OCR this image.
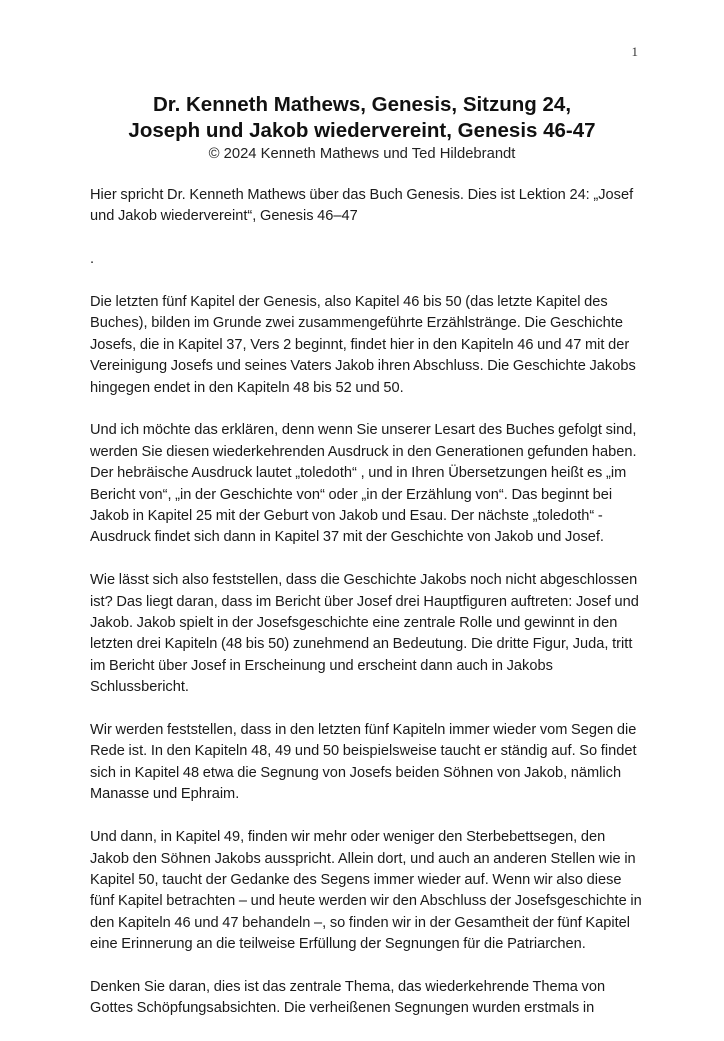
1
Dr. Kenneth Mathews, Genesis, Sitzung 24,
Joseph und Jakob wiedervereint, Genesis 46-47
© 2024 Kenneth Mathews und Ted Hildebrandt

Hier spricht Dr. Kenneth Mathews über das Buch Genesis. Dies ist Lektion 24: „Josef und Jakob wiedervereint“, Genesis 46–47

.

Die letzten fünf Kapitel der Genesis, also Kapitel 46 bis 50 (das letzte Kapitel des Buches), bilden im Grunde zwei zusammengeführte Erzählstränge. Die Geschichte Josefs, die in Kapitel 37, Vers 2 beginnt, findet hier in den Kapiteln 46 und 47 mit der Vereinigung Josefs und seines Vaters Jakob ihren Abschluss. Die Geschichte Jakobs hingegen endet in den Kapiteln 48 bis 52 und 50.

Und ich möchte das erklären, denn wenn Sie unserer Lesart des Buches gefolgt sind, werden Sie diesen wiederkehrenden Ausdruck in den Generationen gefunden haben. Der hebräische Ausdruck lautet „toledoth“ , und in Ihren Übersetzungen heißt es „im Bericht von“, „in der Geschichte von“ oder „in der Erzählung von“. Das beginnt bei Jakob in Kapitel 25 mit der Geburt von Jakob und Esau. Der nächste „toledoth“ - Ausdruck findet sich dann in Kapitel 37 mit der Geschichte von Jakob und Josef.

Wie lässt sich also feststellen, dass die Geschichte Jakobs noch nicht abgeschlossen ist? Das liegt daran, dass im Bericht über Josef drei Hauptfiguren auftreten: Josef und Jakob. Jakob spielt in der Josefsgeschichte eine zentrale Rolle und gewinnt in den letzten drei Kapiteln (48 bis 50) zunehmend an Bedeutung. Die dritte Figur, Juda, tritt im Bericht über Josef in Erscheinung und erscheint dann auch in Jakobs Schlussbericht.

Wir werden feststellen, dass in den letzten fünf Kapiteln immer wieder vom Segen die Rede ist. In den Kapiteln 48, 49 und 50 beispielsweise taucht er ständig auf. So findet sich in Kapitel 48 etwa die Segnung von Josefs beiden Söhnen von Jakob, nämlich Manasse und Ephraim.

Und dann, in Kapitel 49, finden wir mehr oder weniger den Sterbebettsegen, den Jakob den Söhnen Jakobs ausspricht. Allein dort, und auch an anderen Stellen wie in Kapitel 50, taucht der Gedanke des Segens immer wieder auf. Wenn wir also diese fünf Kapitel betrachten – und heute werden wir den Abschluss der Josefsgeschichte in den Kapiteln 46 und 47 behandeln –, so finden wir in der Gesamtheit der fünf Kapitel eine Erinnerung an die teilweise Erfüllung der Segnungen für die Patriarchen.

Denken Sie daran, dies ist das zentrale Thema, das wiederkehrende Thema von Gottes Schöpfungsabsichten. Die verheißenen Segnungen wurden erstmals in
